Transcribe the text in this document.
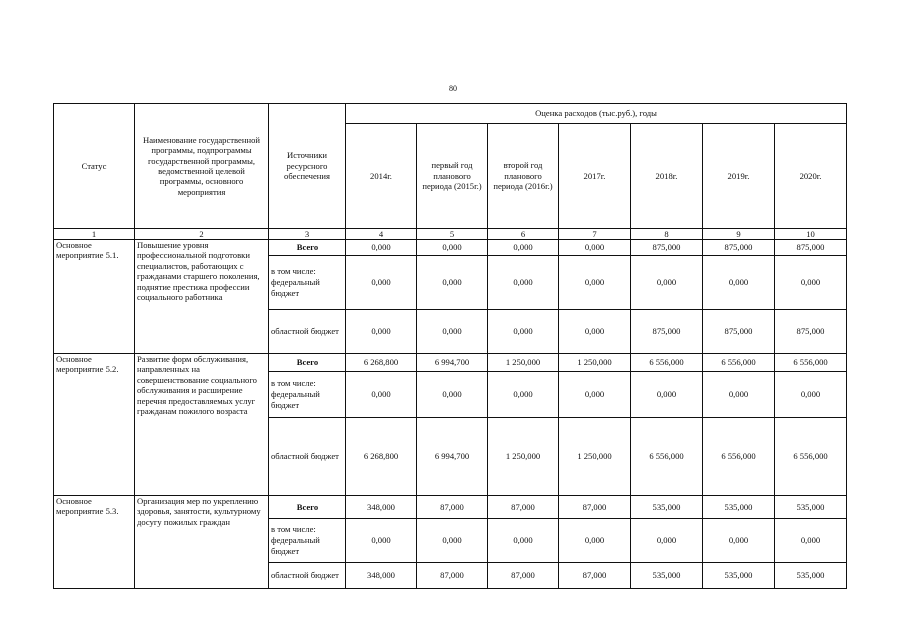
80
Статус	Наименование государственной программы, подпрограммы государственной программы, ведомственной целевой программы, основного мероприятия	Источники ресурсного обеспечения	Оценка расходов (тыс.руб.), годы						
			2014г.	первый год планового периода (2015г.)	второй год планового периода (2016г.)	2017г.	2018г.	2019г.	2020г.
1	2	3	4	5	6	7	8	9	10
Основное мероприятие 5.1.	Повышение уровня профессиональной подготовки специалистов, работающих с гражданами старшего поколения, поднятие престижа профессии социального работника	Всего	0,000	0,000	0,000	0,000	875,000	875,000	875,000
		в том числе: федеральный бюджет	0,000	0,000	0,000	0,000	0,000	0,000	0,000
		областной бюджет	0,000	0,000	0,000	0,000	875,000	875,000	875,000
Основное мероприятие 5.2.	Развитие форм обслуживания, направленных на совершенствование социального обслуживания и расширение перечня предоставляемых услуг гражданам пожилого возраста	Всего	6 268,800	6 994,700	1 250,000	1 250,000	6 556,000	6 556,000	6 556,000
		в том числе: федеральный бюджет	0,000	0,000	0,000	0,000	0,000	0,000	0,000
		областной бюджет	6 268,800	6 994,700	1 250,000	1 250,000	6 556,000	6 556,000	6 556,000
Основное мероприятие 5.3.	Организация мер по укреплению здоровья, занятости, культурному досугу пожилых граждан	Всего	348,000	87,000	87,000	87,000	535,000	535,000	535,000
		в том числе: федеральный бюджет	0,000	0,000	0,000	0,000	0,000	0,000	0,000
		областной бюджет	348,000	87,000	87,000	87,000	535,000	535,000	535,000
